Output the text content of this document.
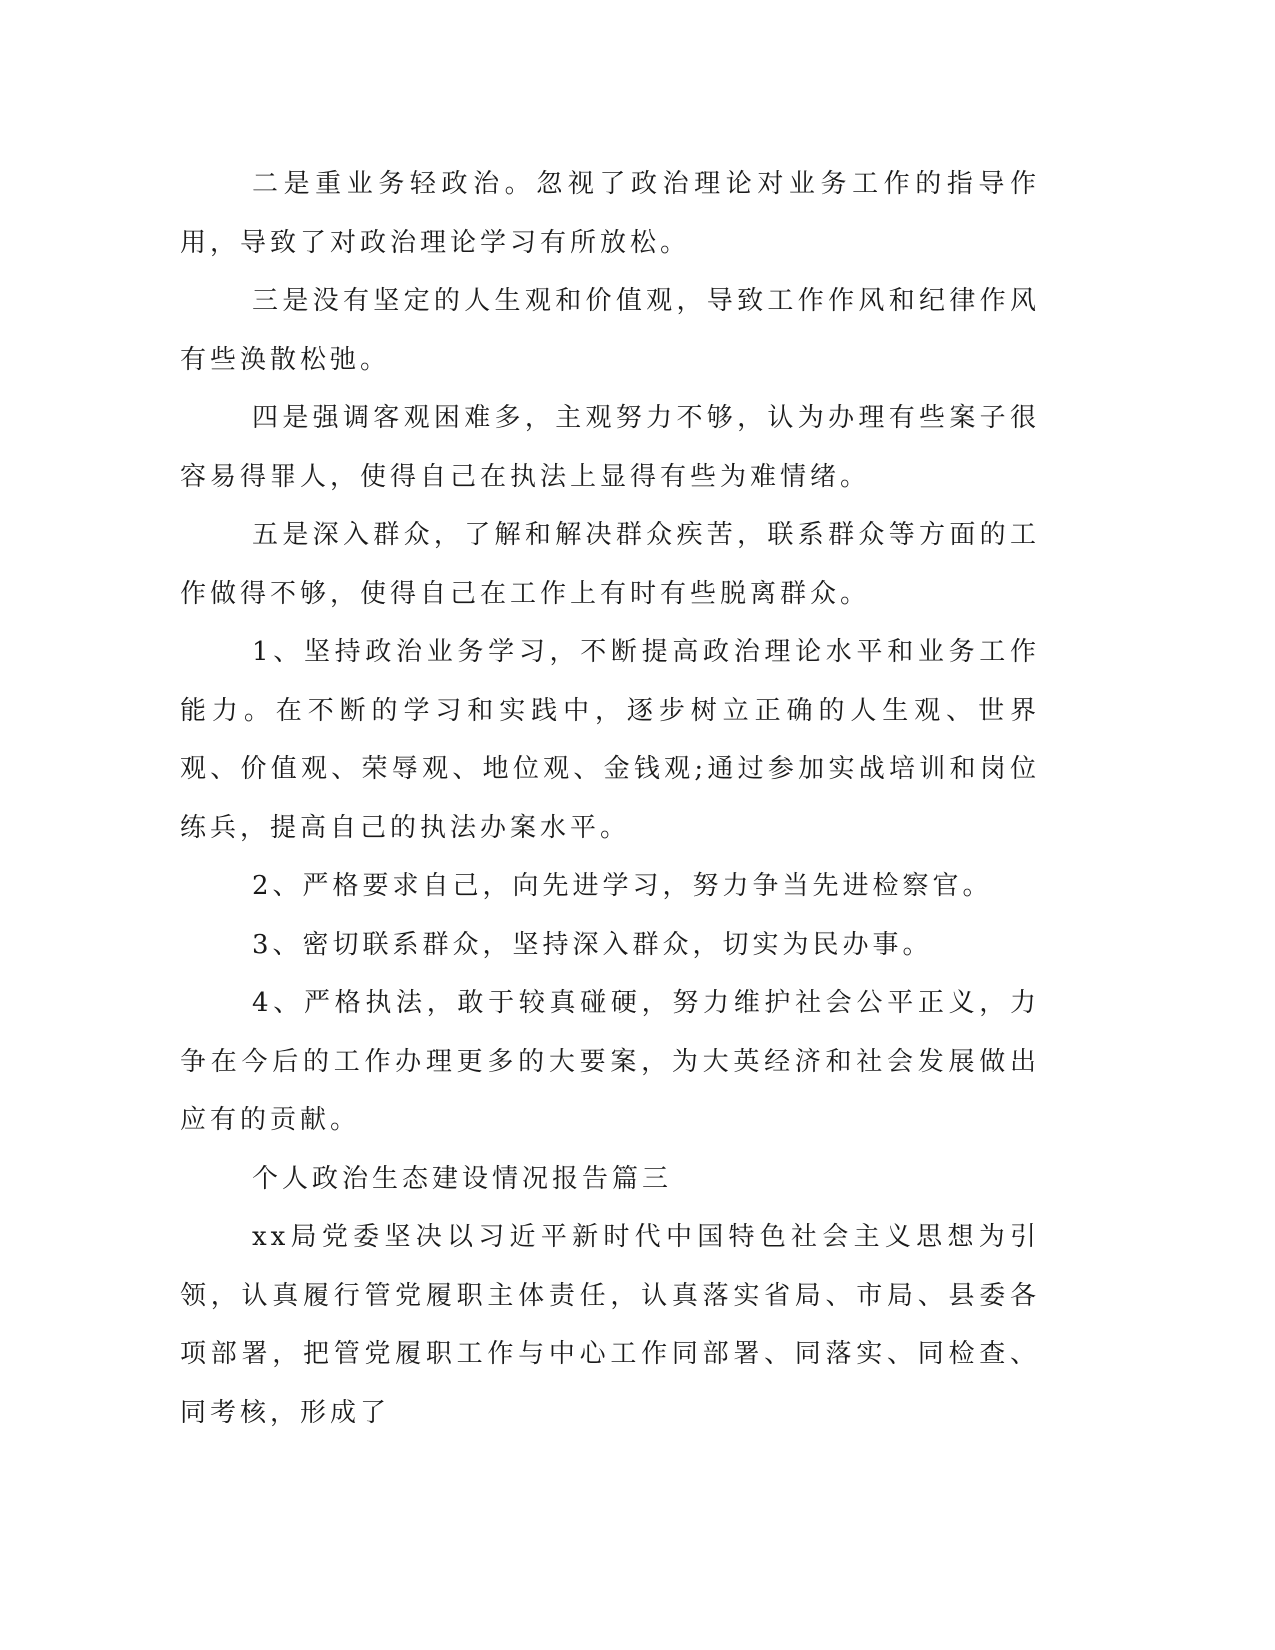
二是重业务轻政治。忽视了政治理论对业务工作的指导作用，导致了对政治理论学习有所放松。

三是没有坚定的人生观和价值观，导致工作作风和纪律作风有些涣散松弛。

四是强调客观困难多，主观努力不够，认为办理有些案子很容易得罪人，使得自己在执法上显得有些为难情绪。

五是深入群众，了解和解决群众疾苦，联系群众等方面的工作做得不够，使得自己在工作上有时有些脱离群众。

1、坚持政治业务学习，不断提高政治理论水平和业务工作能力。在不断的学习和实践中，逐步树立正确的人生观、世界观、价值观、荣辱观、地位观、金钱观;通过参加实战培训和岗位练兵，提高自己的执法办案水平。

2、严格要求自己，向先进学习，努力争当先进检察官。

3、密切联系群众，坚持深入群众，切实为民办事。

4、严格执法，敢于较真碰硬，努力维护社会公平正义，力争在今后的工作办理更多的大要案，为大英经济和社会发展做出应有的贡献。

个人政治生态建设情况报告篇三

xx局党委坚决以习近平新时代中国特色社会主义思想为引领，认真履行管党履职主体责任，认真落实省局、市局、县委各项部署，把管党履职工作与中心工作同部署、同落实、同检查、同考核，形成了
